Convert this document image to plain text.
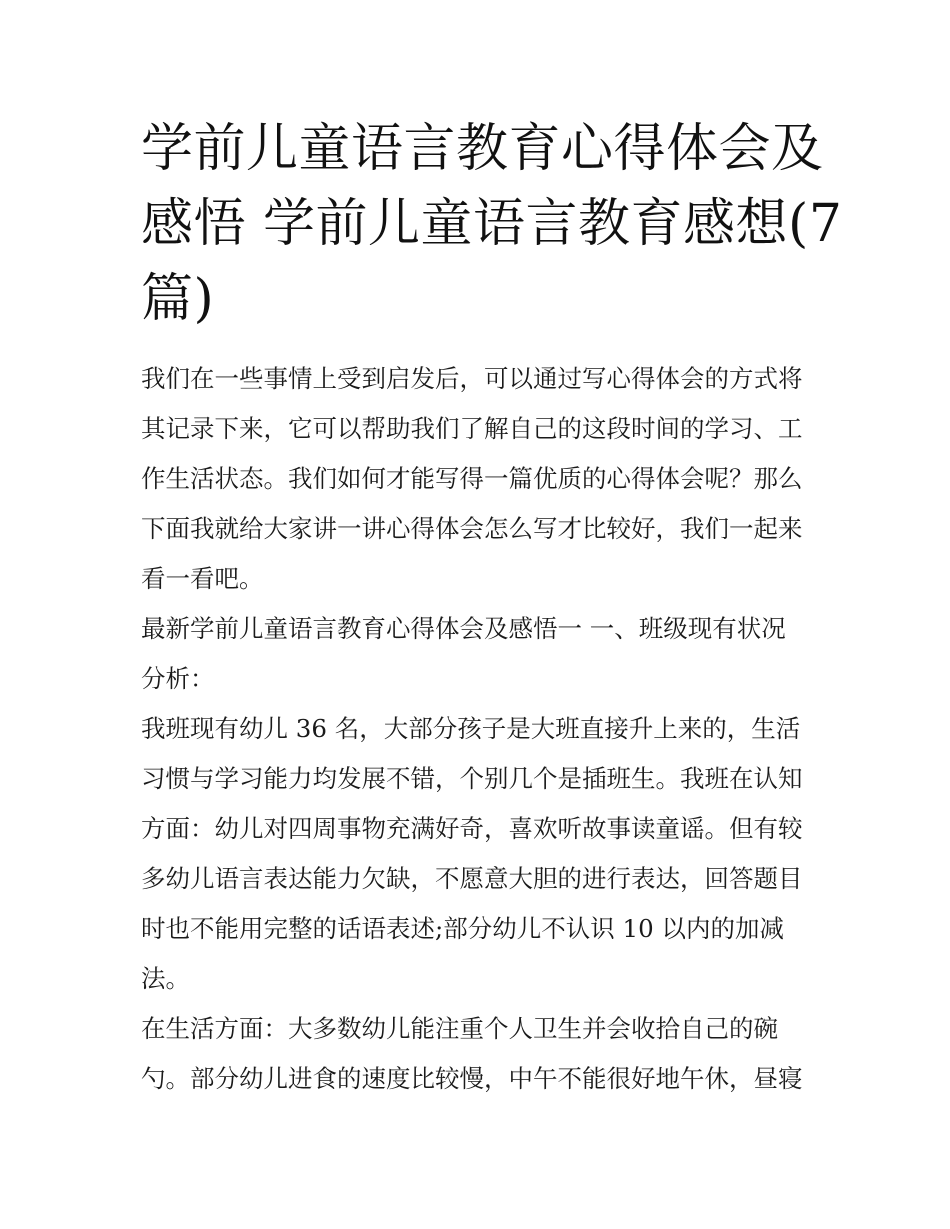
学前儿童语言教育心得体会及
感悟 学前儿童语言教育感想(7
篇)

我们在一些事情上受到启发后，可以通过写心得体会的方式将
其记录下来，它可以帮助我们了解自己的这段时间的学习、工
作生活状态。我们如何才能写得一篇优质的心得体会呢？那么
下面我就给大家讲一讲心得体会怎么写才比较好，我们一起来
看一看吧。

最新学前儿童语言教育心得体会及感悟一 一、班级现有状况
分析：

我班现有幼儿 36 名，大部分孩子是大班直接升上来的，生活
习惯与学习能力均发展不错，个别几个是插班生。我班在认知
方面：幼儿对四周事物充满好奇，喜欢听故事读童谣。但有较
多幼儿语言表达能力欠缺，不愿意大胆的进行表达，回答题目
时也不能用完整的话语表述;部分幼儿不认识 10 以内的加减
法。

在生活方面：大多数幼儿能注重个人卫生并会收拾自己的碗
勺。部分幼儿进食的速度比较慢，中午不能很好地午休，昼寝
